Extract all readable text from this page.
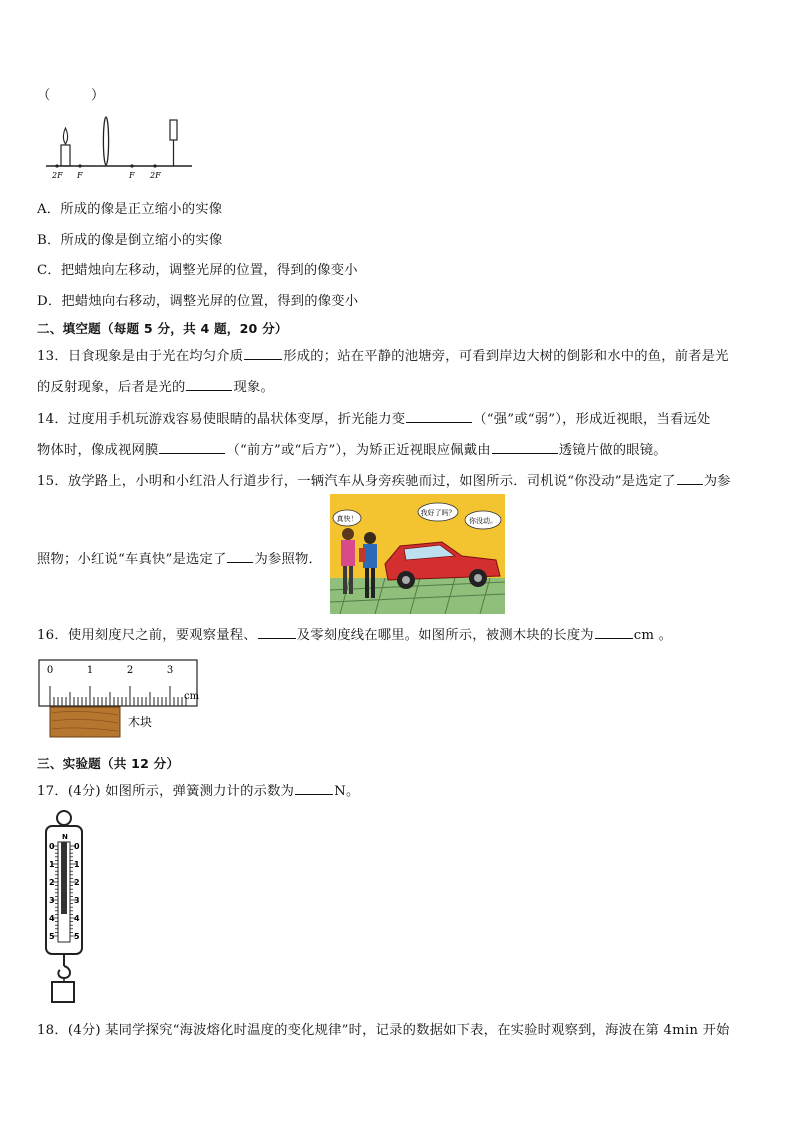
（　　　）
2F F	F 2F
A．所成的像是正立缩小的实像
B．所成的像是倒立缩小的实像
C．把蜡烛向左移动，调整光屏的位置，得到的像变小
D．把蜡烛向右移动，调整光屏的位置，得到的像变小
二、填空题（每题 5 分，共 4 题，20 分）
13．日食现象是由于光在均匀介质	形成的；站在平静的池塘旁，可看到岸边大树的倒影和水中的鱼，前者是光
的反射现象，后者是光的	现象。
14．过度用手机玩游戏容易使眼睛的晶状体变厚，折光能力变	（“强”或“弱”），形成近视眼，当看远处
物体时，像成视网膜	（“前方”或“后方”），为矫正近视眼应佩戴由	透镜片做的眼镜。
15．放学路上，小明和小红沿人行道步行，一辆汽车从身旁疾驰而过，如图所示．司机说“你没动”是选定了 为参
照物；小红说“车真快”是选定了 为参照物．
真快！
我好了吗？
你没动。
16．使用刻度尺之前，要观察量程、	及零刻度线在哪里。如图所示，被测木块的长度为	cm 。
0	1	2	3
cm
木块
三、实验题（共 12 分）
17．(4分) 如图所示，弹簧测力计的示数为	N。
N
0
1
2
3
4
5
0
1
2
3
4
5
18．(4分) 某同学探究“海波熔化时温度的变化规律”时，记录的数据如下表，在实验时观察到，海波在第 4min 开始
